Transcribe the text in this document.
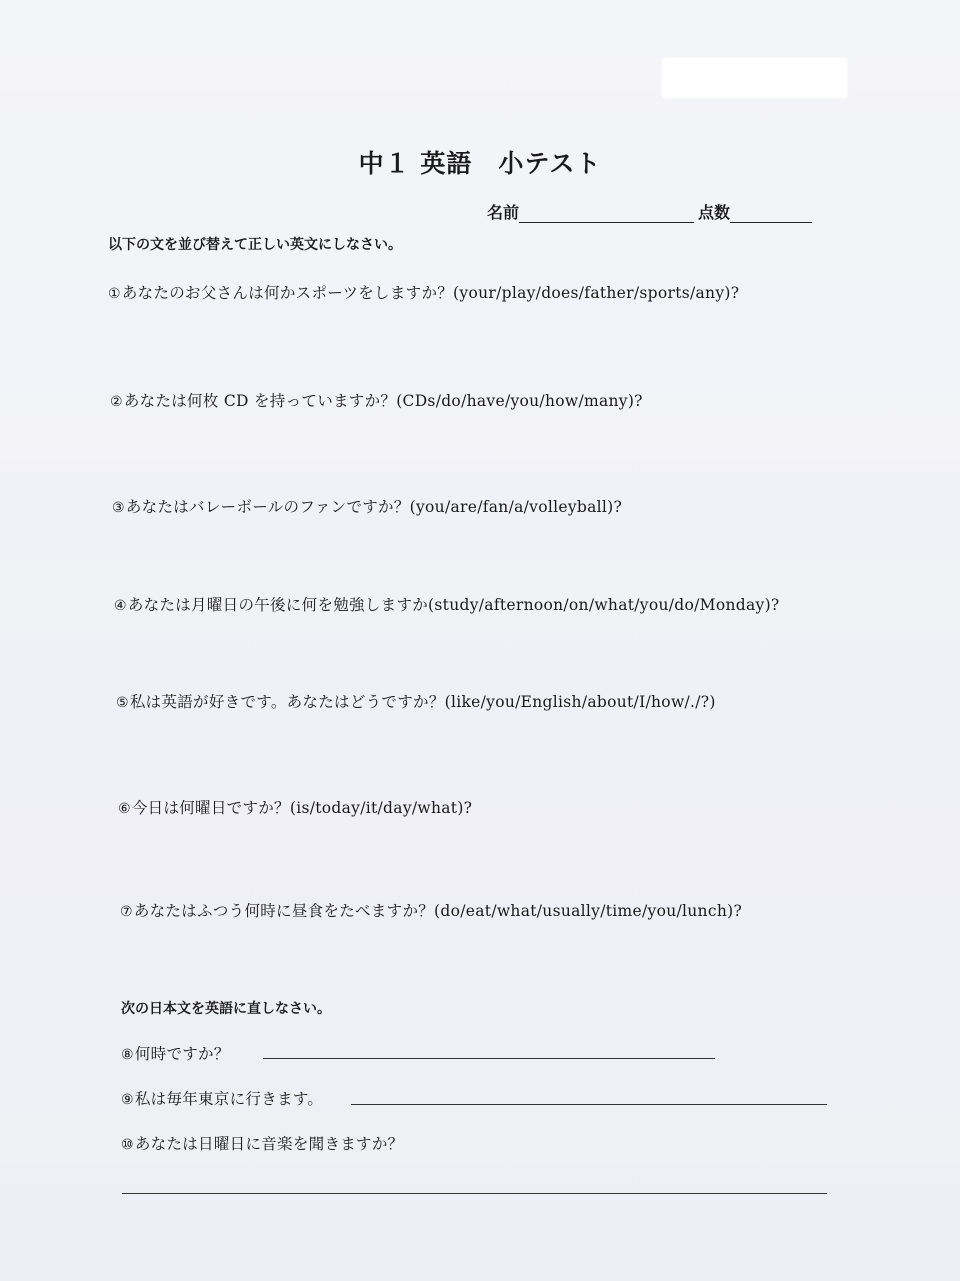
中１ 英語　小テスト
名前	点数
以下の文を並び替えて正しい英文にしなさい。
①あなたのお父さんは何かスポーツをしますか？(your/play/does/father/sports/any)?
②あなたは何枚 CD を持っていますか？(CDs/do/have/you/how/many)?
③あなたはバレーボールのファンですか？(you/are/fan/a/volleyball)?
④あなたは月曜日の午後に何を勉強しますか(study/afternoon/on/what/you/do/Monday)?
⑤私は英語が好きです。あなたはどうですか？(like/you/English/about/I/how/./?)
⑥今日は何曜日ですか？(is/today/it/day/what)?
⑦あなたはふつう何時に昼食をたべますか？(do/eat/what/usually/time/you/lunch)?
次の日本文を英語に直しなさい。
⑧何時ですか？
⑨私は毎年東京に行きます。
⑩あなたは日曜日に音楽を聞きますか？
